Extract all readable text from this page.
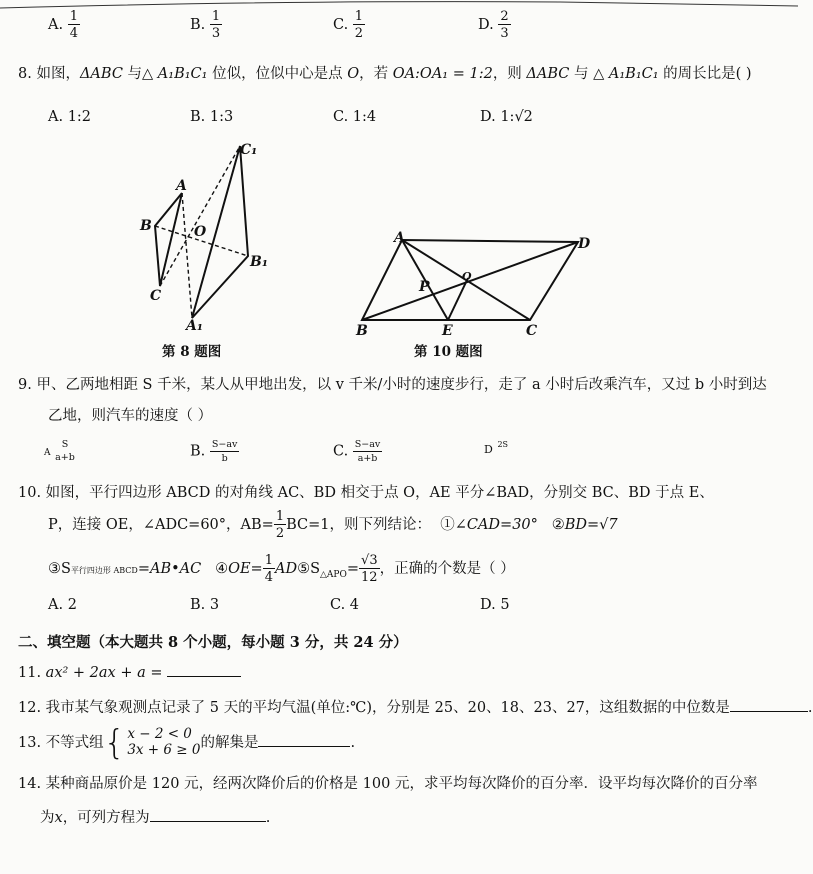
A. $\frac{1}{4}$	B. $\frac{1}{3}$	C. $\frac{1}{2}$	D. $\frac{2}{3}$
8. 如图，ΔABC 与△ A₁B₁C₁ 位似，位似中心是点 O，若 OA:OA₁ = 1:2，则 ΔABC 与 △ A₁B₁C₁ 的周长比是( )
A. 1:2	B. 1:3	C. 1:4	D. 1:√2
C₁
A
B	O
B₁
C
A₁
第 8 题图
A	D
P
O
B	E	C
第 10 题图
9. 甲、乙两地相距 S 千米，某人从甲地出发，以 v 千米/小时的速度步行，走了 a 小时后改乘汽车，又过 b 小时到达
乙地，则汽车的速度（ ）
A
S
a+b	B. $\frac{S-av}{b}$	C. $\frac{S-av}{a+b}$	D $^{2S}$
10. 如图，平行四边形 ABCD 的对角线 AC、BD 相交于点 O，AE 平分∠BAD，分别交 BC、BD 于点 E、
P，连接 OE，∠ADC=60°，$AB= \frac{1}{2} BC=1$，则下列结论： ①∠CAD=30° ②BD=√7
③S平行四边形 ABCD=AB•AC ④OE= $\frac{1}{4}$ $AD⑤S_{\triangle APO}= \frac{√3}{12}$ ，正确的个数是（ ）
A. 2	B. 3	C. 4	D. 5
二、填空题（本大题共 8 个小题，每小题 3 分，共 24 分）
11. ax² + 2ax + a =
12. 我市某气象观测点记录了 5 天的平均气温(单位:℃)，分别是 25、20、18、23、27，这组数据的中位数是	.
13. 不等式组 { x − 2 < 0
3x + 6 ≥ 0 的解集是	.
14. 某种商品原价是 120 元，经两次降价后的价格是 100 元，求平均每次降价的百分率．设平均每次降价的百分率
为x，可列方程为	.
